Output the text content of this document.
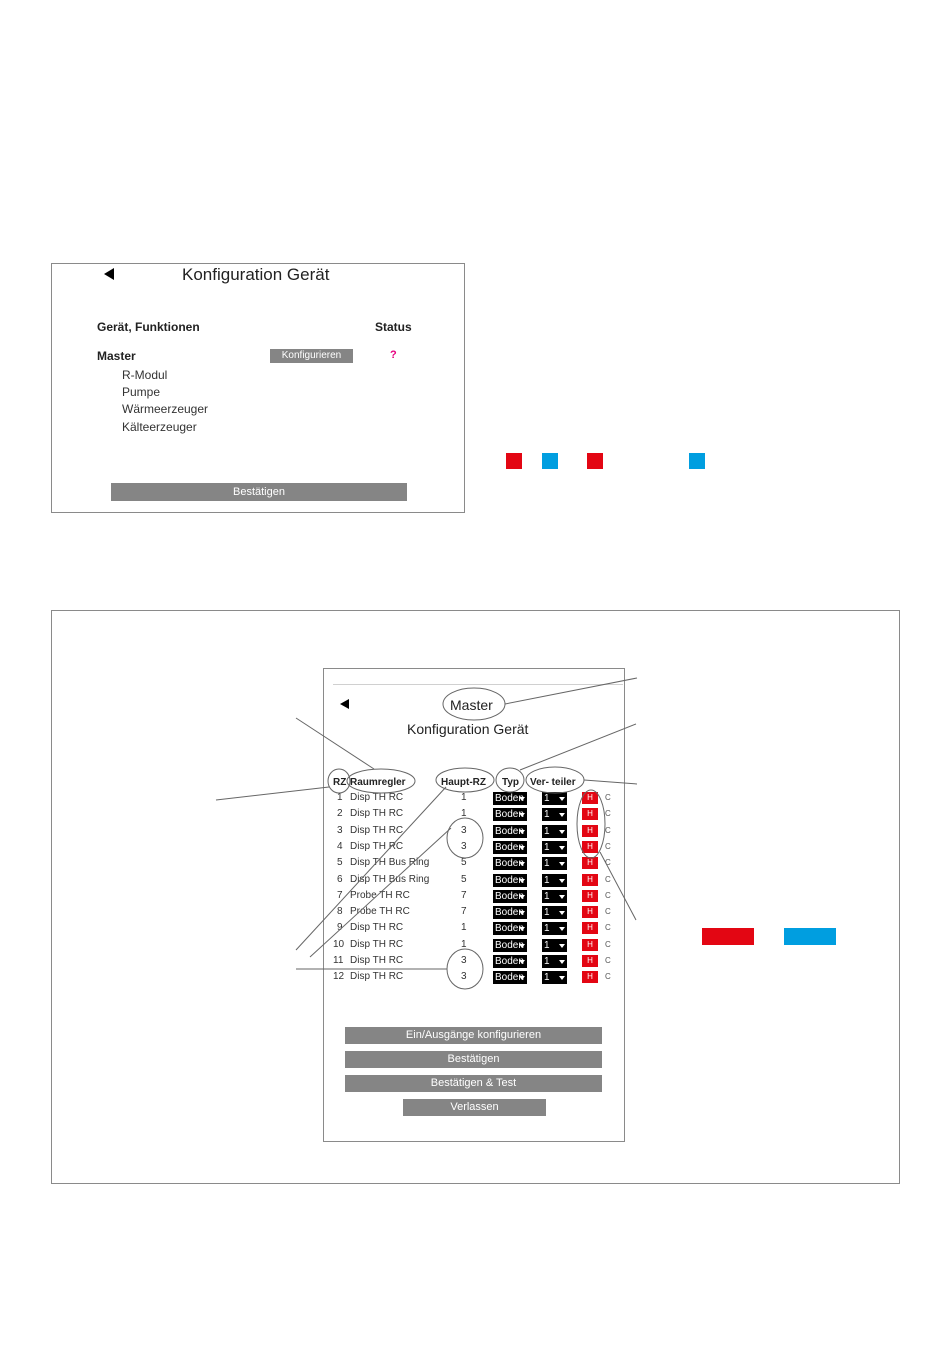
Konfiguration Gerät
Gerät, Funktionen	Status
Master	Konfigurieren	?
R-Modul
Pumpe
Wärmeerzeuger
Kälteerzeuger
Bestätigen
Master
Konfiguration Gerät
RZ Raumregler	Haupt-RZ Typ Ver- teiler
1 Disp TH RC	1	Boden	1	H	C
2 Disp TH RC	1	Boden	1	H	C
3 Disp TH RC	3	Boden	1	H	C
4 Disp TH RC	3	Boden	1	H	C
5 Disp TH Bus Ring	5	Boden	1	H	C
6 Disp TH Bus Ring	5	Boden	1	H	C
7 Probe TH RC	7	Boden	1	H	C
8 Probe TH RC	7	Boden	1	H	C
9 Disp TH RC	1	Boden	1	H	C
10 Disp TH RC	1	Boden	1	H	C
11 Disp TH RC	3	Boden	1	H	C
12 Disp TH RC	3	Boden	1	H	C
Ein/Ausgänge konfigurieren
Bestätigen
Bestätigen & Test
Verlassen
